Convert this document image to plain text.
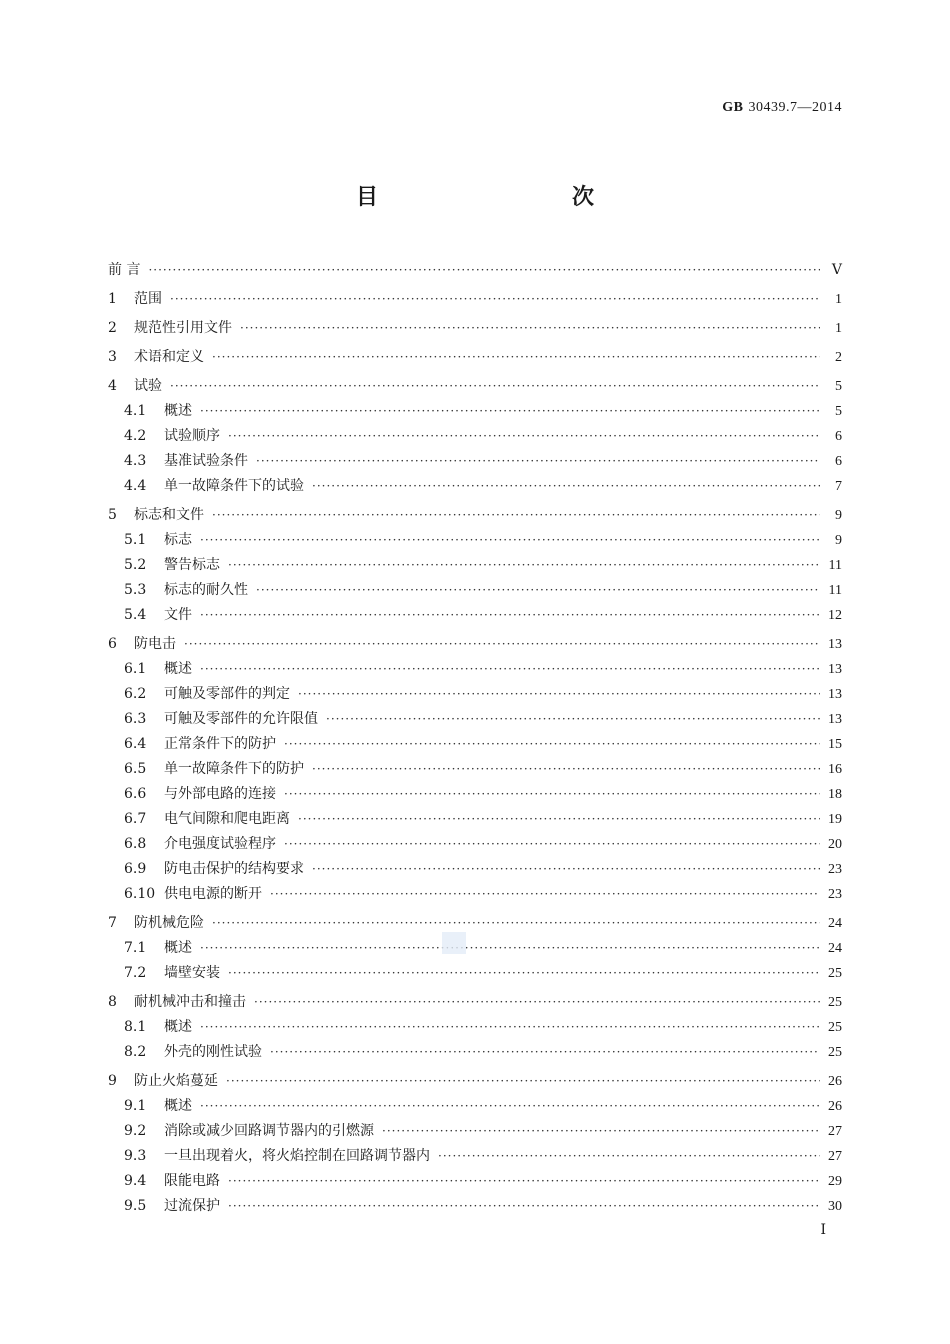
GB 30439.7—2014
目　　次
前 言 ·····	Ⅴ
1	范围 ·····	1
2	规范性引用文件 ·····	1
3	术语和定义 ·····	2
4	试验 ·····	5
4.1	概述 ·····	5
4.2	试验顺序 ·····	6
4.3	基准试验条件 ·····	6
4.4	单一故障条件下的试验 ·····	7
5	标志和文件 ·····	9
5.1	标志 ·····	9
5.2	警告标志 ·····	11
5.3	标志的耐久性 ·····	11
5.4	文件 ·····	12
6	防电击 ·····	13
6.1	概述 ·····	13
6.2	可触及零部件的判定 ·····	13
6.3	可触及零部件的允许限值 ·····	13
6.4	正常条件下的防护 ·····	15
6.5	单一故障条件下的防护 ·····	16
6.6	与外部电路的连接 ·····	18
6.7	电气间隙和爬电距离 ·····	19
6.8	介电强度试验程序 ·····	20
6.9	防电击保护的结构要求 ·····	23
6.10 供电电源的断开 ·····	23
7	防机械危险 ·····	24
7.1	概述 ·····	24
7.2	墙壁安装 ·····	25
8	耐机械冲击和撞击 ·····	25
8.1	概述 ·····	25
8.2	外壳的刚性试验 ·····	25
9	防止火焰蔓延 ·····	26
9.1	概述 ·····	26
9.2	消除或减少回路调节器内的引燃源 ·····	27
9.3	一旦出现着火，将火焰控制在回路调节器内 ·····	27
9.4	限能电路 ·····	29
9.5	过流保护 ·····	30
Ⅰ
